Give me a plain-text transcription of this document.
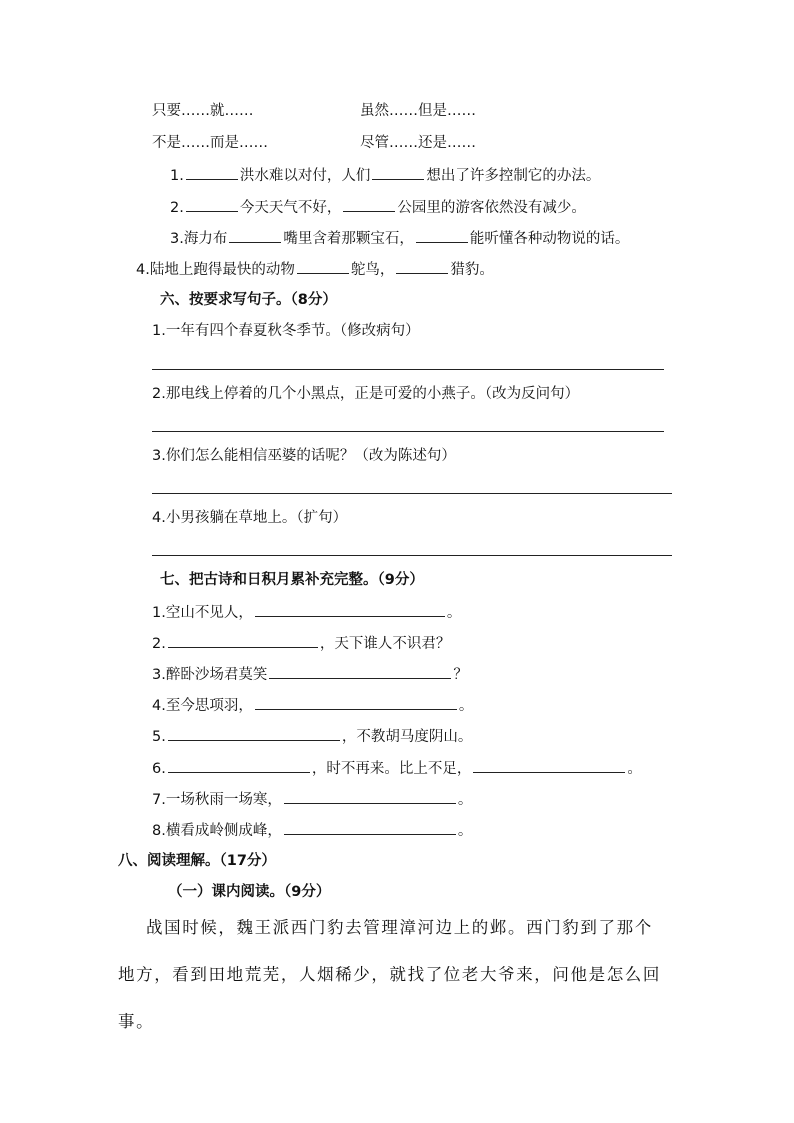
只要……就……	虽然……但是……
不是……而是……	尽管……还是……
1.	洪水难以对付，人们	想出了许多控制它的办法。
2.	今天天气不好，	公园里的游客依然没有减少。
3.海力布	嘴里含着那颗宝石，	能听懂各种动物说的话。
4.陆地上跑得最快的动物	鸵鸟，	猎豹。
六、按要求写句子。（8分）
1.一年有四个春夏秋冬季节。（修改病句）
2.那电线上停着的几个小黑点，正是可爱的小燕子。（改为反问句）
3.你们怎么能相信巫婆的话呢？（改为陈述句）
4.小男孩躺在草地上。（扩句）
七、把古诗和日积月累补充完整。（9分）
1.空山不见人，	。
2.	，天下谁人不识君？
3.醉卧沙场君莫笑	？
4.至今思项羽，	。
5.	，不教胡马度阴山。
6.	，时不再来。比上不足，	。
7.一场秋雨一场寒，	。
8.横看成岭侧成峰，	。
八、阅读理解。（17分）
（一）课内阅读。（9分）
战国时候，魏王派西门豹去管理漳河边上的邺。西门豹到了那个
地方，看到田地荒芜，人烟稀少，就找了位老大爷来，问他是怎么回
事。
